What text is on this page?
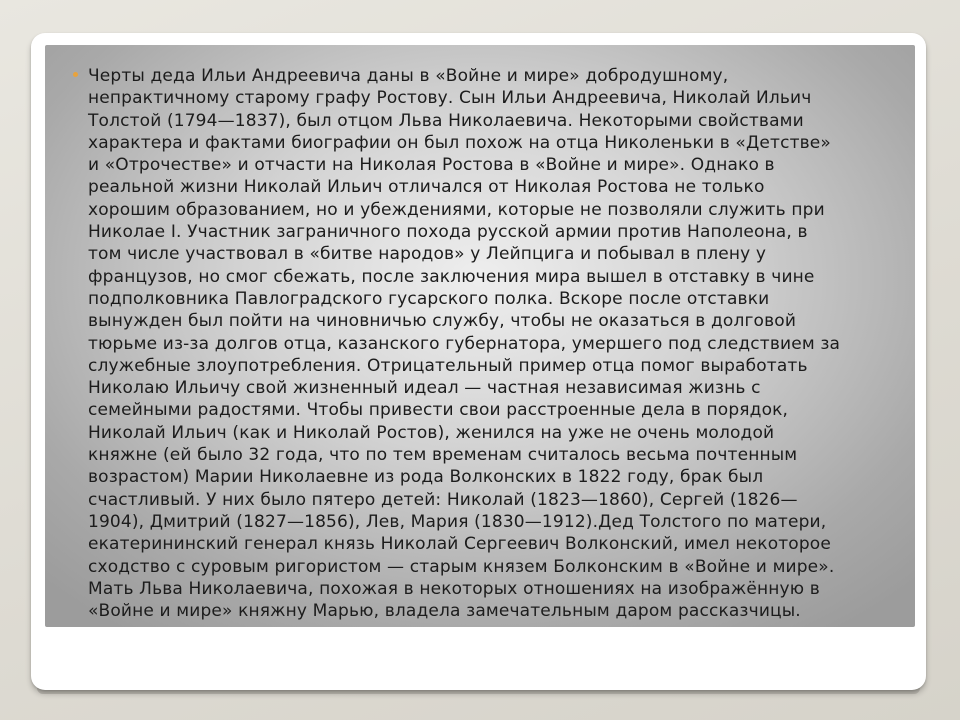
Черты деда Ильи Андреевича даны в «Войне и мире» добродушному,
непрактичному старому графу Ростову. Сын Ильи Андреевича, Николай Ильич
Толстой (1794—1837), был отцом Льва Николаевича. Некоторыми свойствами
характера и фактами биографии он был похож на отца Николеньки в «Детстве»
и «Отрочестве» и отчасти на Николая Ростова в «Войне и мире». Однако в
реальной жизни Николай Ильич отличался от Николая Ростова не только
хорошим образованием, но и убеждениями, которые не позволяли служить при
Николае I. Участник заграничного похода русской армии против Наполеона, в
том числе участвовал в «битве народов» у Лейпцига и побывал в плену у
французов, но смог сбежать, после заключения мира вышел в отставку в чине
подполковника Павлоградского гусарского полка. Вскоре после отставки
вынужден был пойти на чиновничью службу, чтобы не оказаться в долговой
тюрьме из-за долгов отца, казанского губернатора, умершего под следствием за
служебные злоупотребления. Отрицательный пример отца помог выработать
Николаю Ильичу свой жизненный идеал — частная независимая жизнь с
семейными радостями. Чтобы привести свои расстроенные дела в порядок,
Николай Ильич (как и Николай Ростов), женился на уже не очень молодой
княжне (ей было 32 года, что по тем временам считалось весьма почтенным
возрастом) Марии Николаевне из рода Волконских в 1822 году, брак был
счастливый. У них было пятеро детей: Николай (1823—1860), Сергей (1826—
1904), Дмитрий (1827—1856), Лев, Мария (1830—1912).Дед Толстого по матери,
екатерининский генерал князь Николай Сергеевич Волконский, имел некоторое
сходство с суровым ригористом — старым князем Болконским в «Войне и мире».
Мать Льва Николаевича, похожая в некоторых отношениях на изображённую в
«Войне и мире» княжну Марью, владела замечательным даром рассказчицы.
